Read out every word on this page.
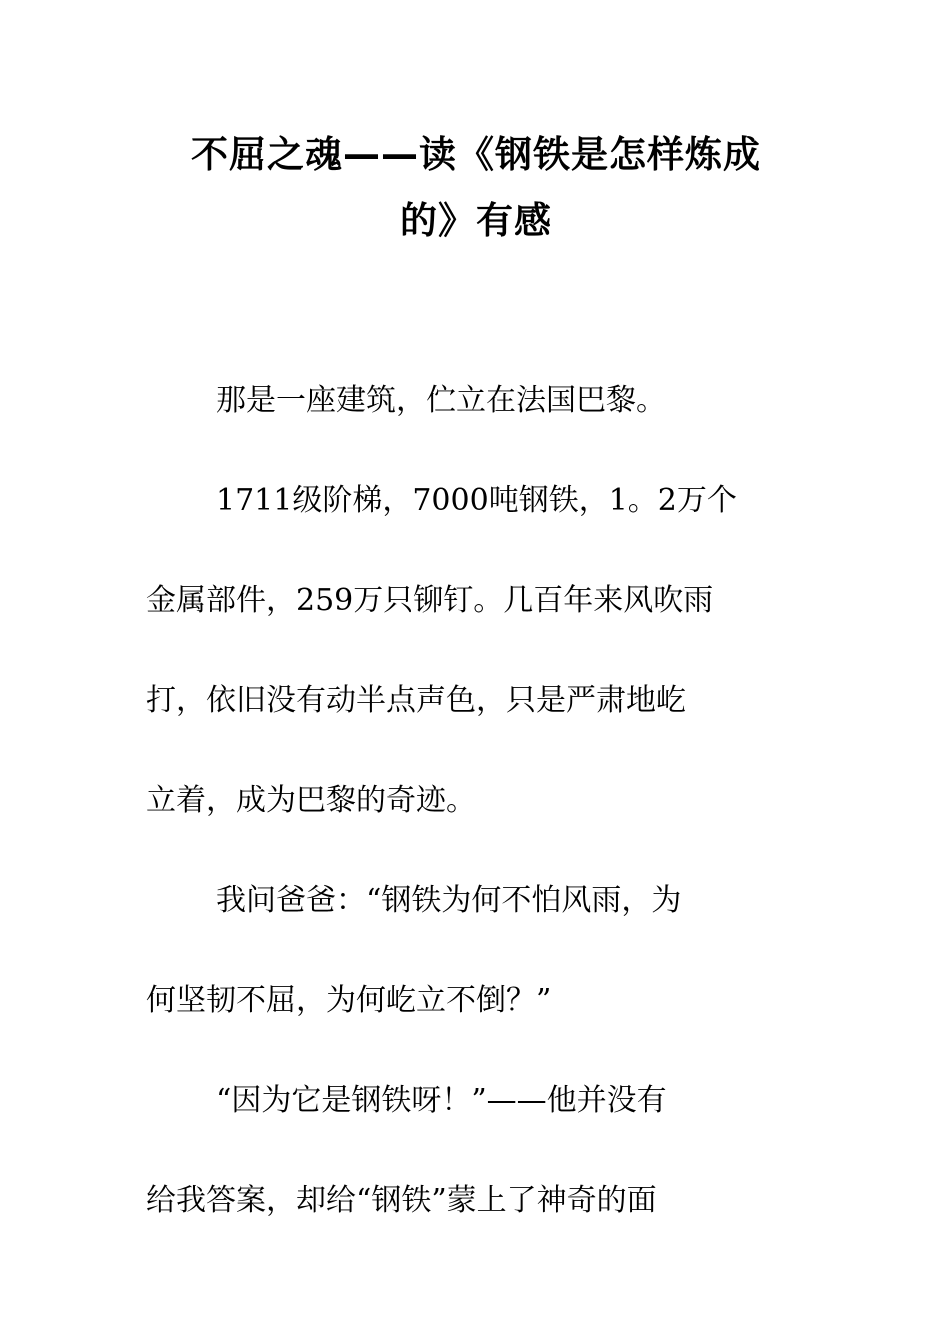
不屈之魂——读《钢铁是怎样炼成
的》有感
那是一座建筑，伫立在法国巴黎。
1711级阶梯，7000吨钢铁，1。2万个
金属部件，259万只铆钉。几百年来风吹雨
打，依旧没有动半点声色，只是严肃地屹
立着，成为巴黎的奇迹。
我问爸爸：“钢铁为何不怕风雨，为
何坚韧不屈，为何屹立不倒？”
“因为它是钢铁呀！”——他并没有
给我答案，却给“钢铁”蒙上了神奇的面
